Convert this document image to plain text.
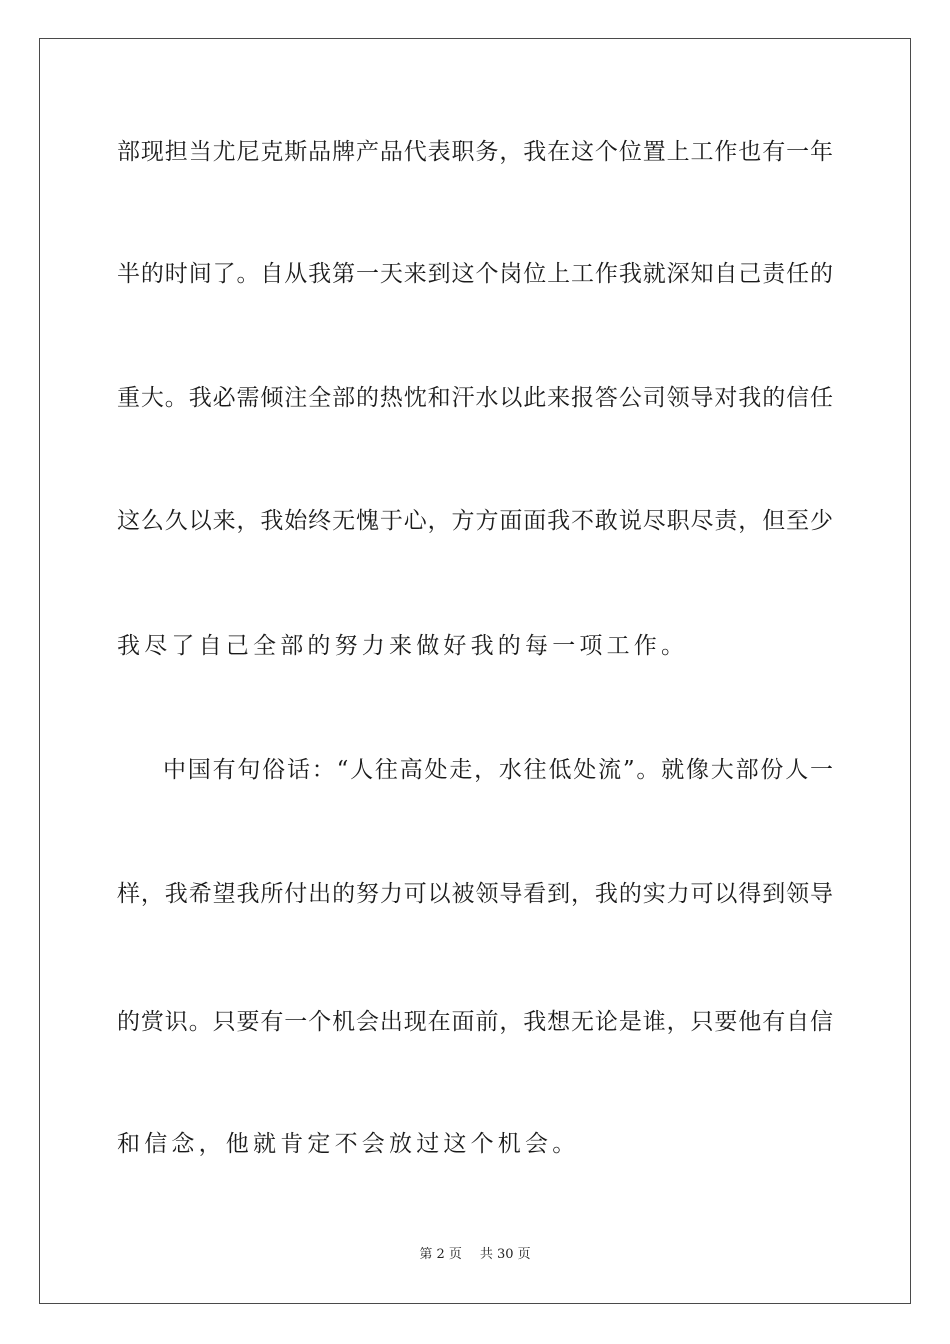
部现担当尤尼克斯品牌产品代表职务，我在这个位置上工作也有一年
半的时间了。自从我第一天来到这个岗位上工作我就深知自己责任的
重大。我必需倾注全部的热忱和汗水以此来报答公司领导对我的信任
这么久以来，我始终无愧于心，方方面面我不敢说尽职尽责，但至少
我尽了自己全部的努力来做好我的每一项工作。
中国有句俗话：“人往高处走，水往低处流”。就像大部份人一
样，我希望我所付出的努力可以被领导看到，我的实力可以得到领导
的赏识。只要有一个机会出现在面前，我想无论是谁，只要他有自信
和信念，他就肯定不会放过这个机会。
第 2 页 共 30 页
